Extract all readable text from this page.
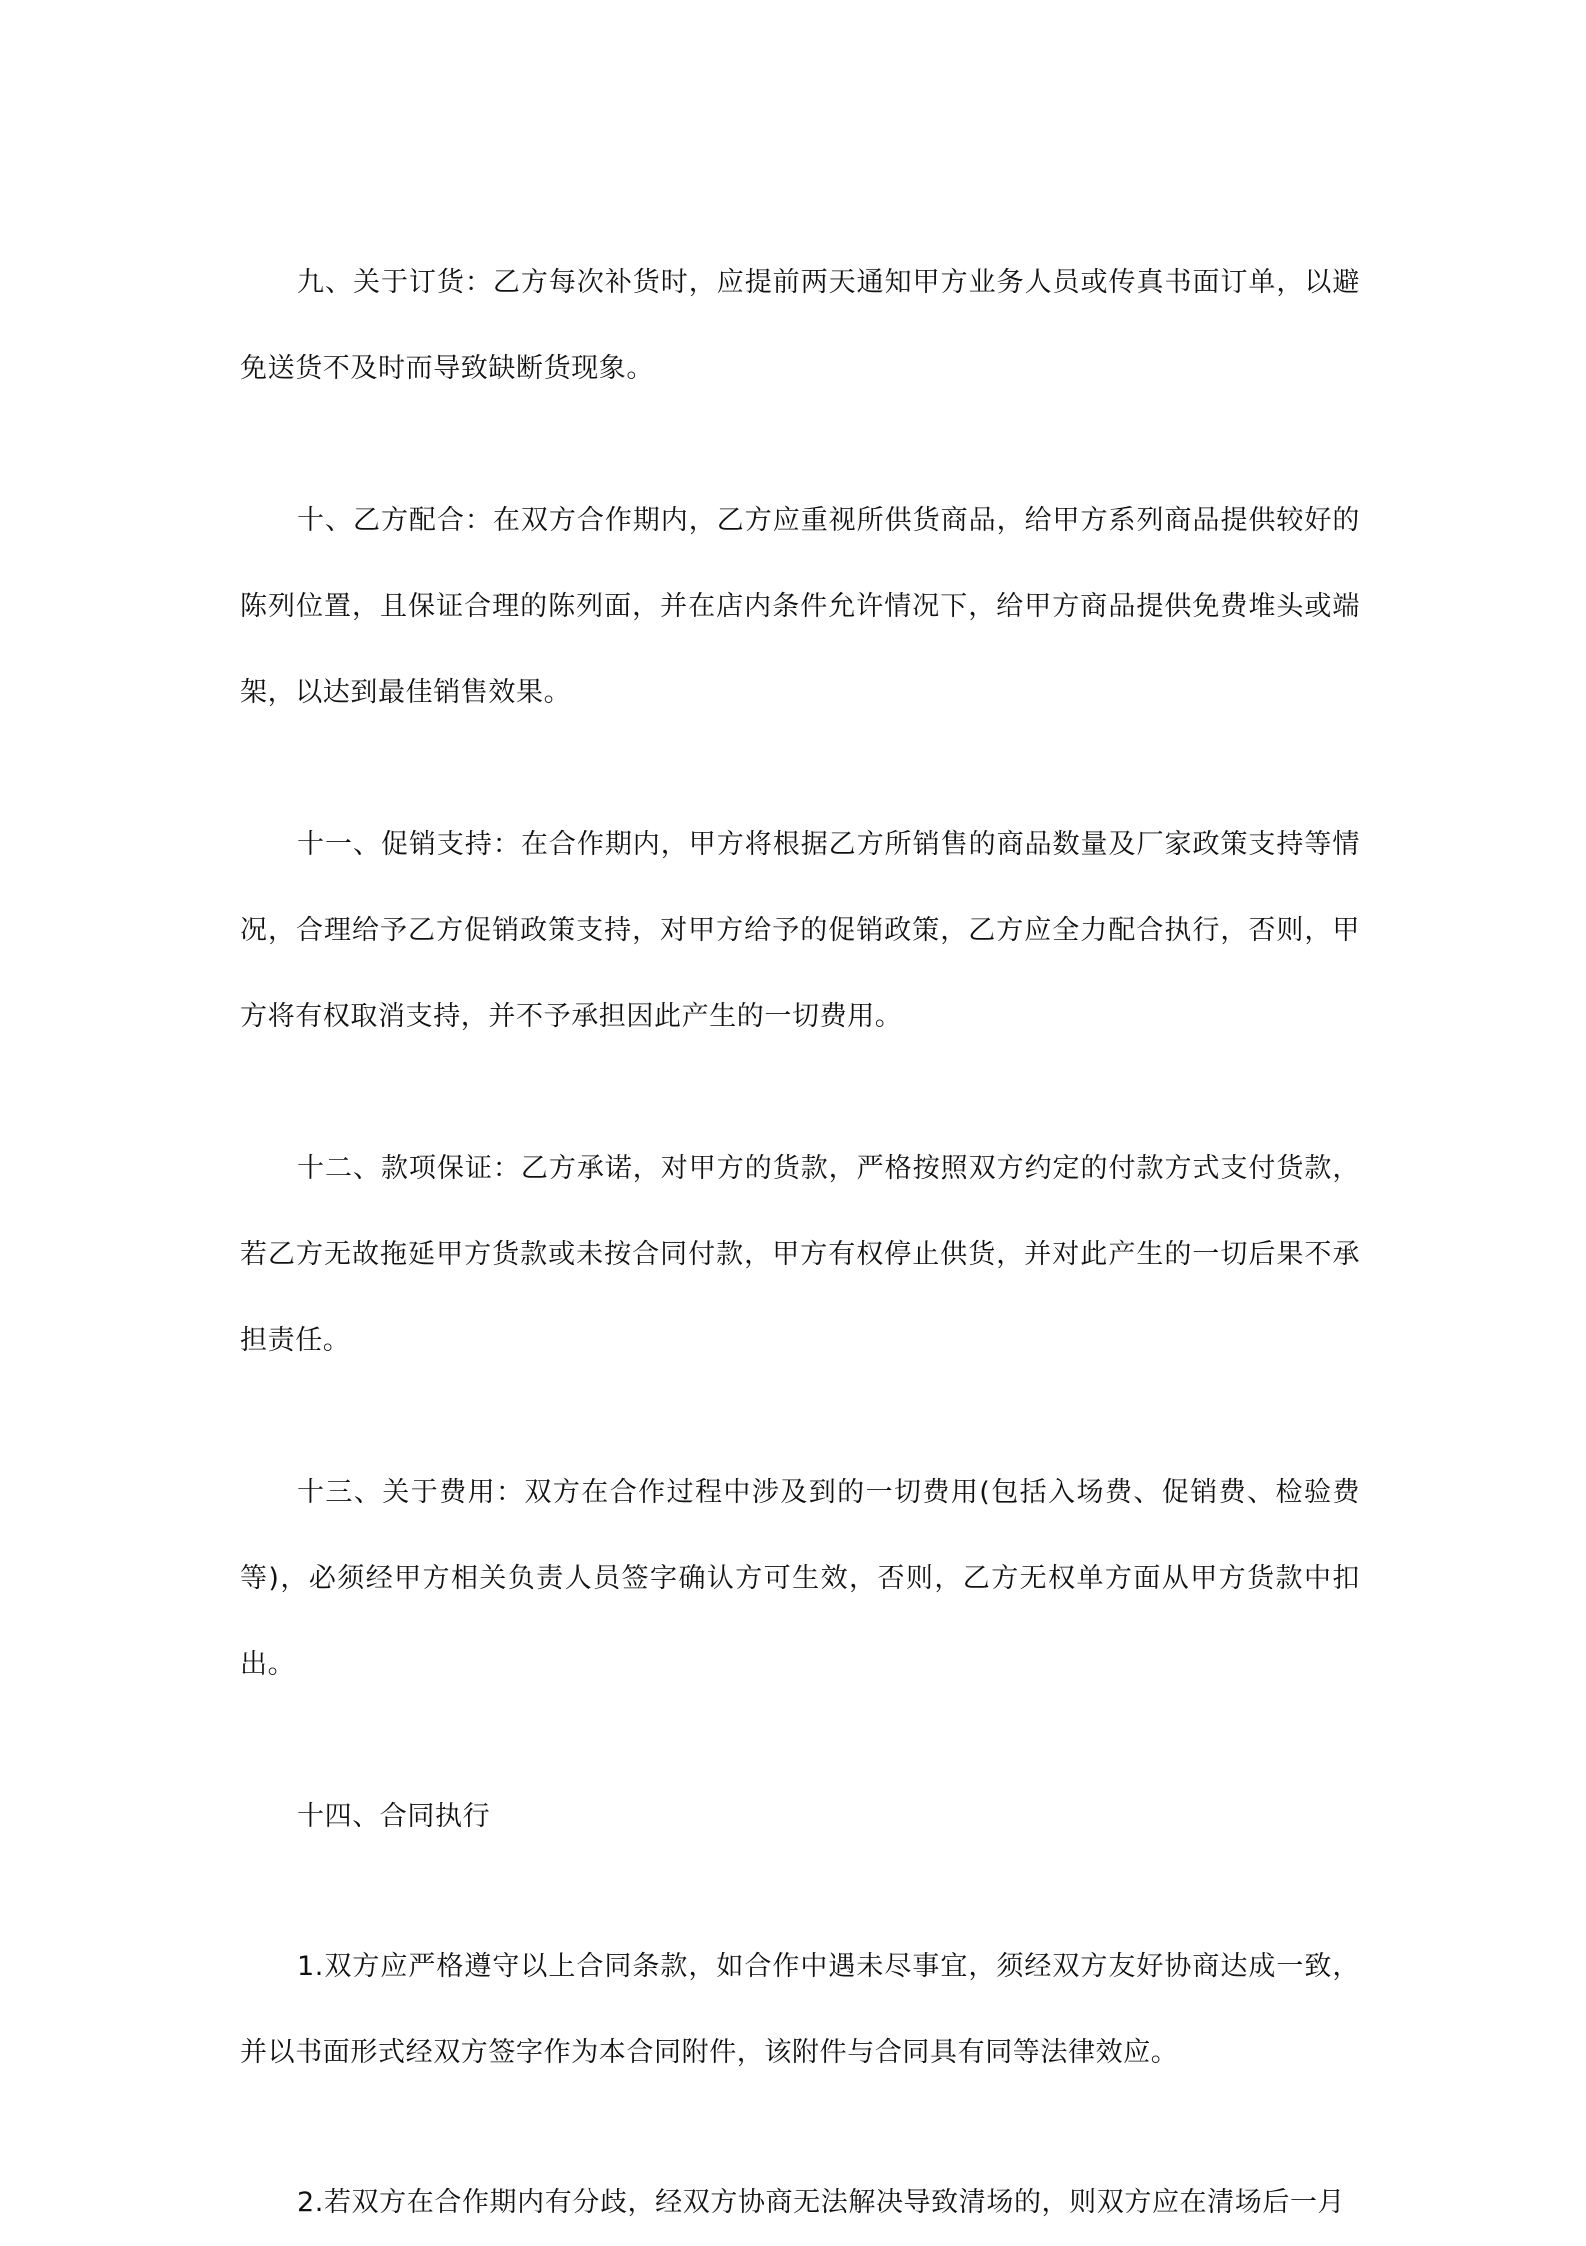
九、关于订货：乙方每次补货时，应提前两天通知甲方业务人员或传真书面订单，以避免送货不及时而导致缺断货现象。

十、乙方配合：在双方合作期内，乙方应重视所供货商品，给甲方系列商品提供较好的陈列位置，且保证合理的陈列面，并在店内条件允许情况下，给甲方商品提供免费堆头或端架，以达到最佳销售效果。

十一、促销支持：在合作期内，甲方将根据乙方所销售的商品数量及厂家政策支持等情况，合理给予乙方促销政策支持，对甲方给予的促销政策，乙方应全力配合执行，否则，甲方将有权取消支持，并不予承担因此产生的一切费用。

十二、款项保证：乙方承诺，对甲方的货款，严格按照双方约定的付款方式支付货款，若乙方无故拖延甲方货款或未按合同付款，甲方有权停止供货，并对此产生的一切后果不承担责任。

十三、关于费用：双方在合作过程中涉及到的一切费用(包括入场费、促销费、检验费等)，必须经甲方相关负责人员签字确认方可生效，否则，乙方无权单方面从甲方货款中扣出。

十四、合同执行

1.双方应严格遵守以上合同条款，如合作中遇未尽事宜，须经双方友好协商达成一致，并以书面形式经双方签字作为本合同附件，该附件与合同具有同等法律效应。

2.若双方在合作期内有分歧，经双方协商无法解决导致清场的，则双方应在清场后一月
